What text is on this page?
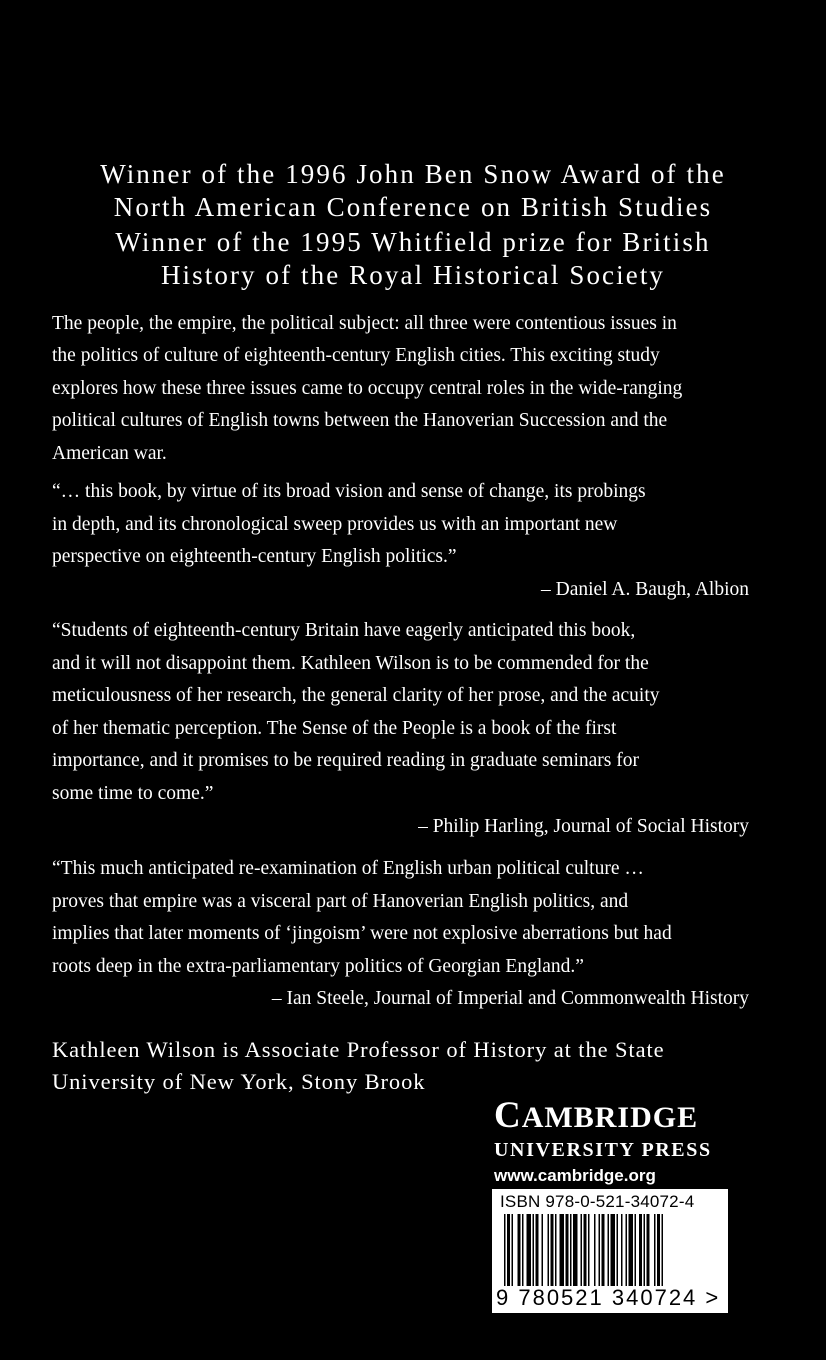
Winner of the 1996 John Ben Snow Award of the
North American Conference on British Studies
Winner of the 1995 Whitfield prize for British
History of the Royal Historical Society
The people, the empire, the political subject: all three were contentious issues in
the politics of culture of eighteenth-century English cities. This exciting study
explores how these three issues came to occupy central roles in the wide-ranging
political cultures of English towns between the Hanoverian Succession and the
American war.
“… this book, by virtue of its broad vision and sense of change, its probings
in depth, and its chronological sweep provides us with an important new
perspective on eighteenth-century English politics.”
– Daniel A. Baugh, Albion
“Students of eighteenth-century Britain have eagerly anticipated this book,
and it will not disappoint them. Kathleen Wilson is to be commended for the
meticulousness of her research, the general clarity of her prose, and the acuity
of her thematic perception. The Sense of the People is a book of the first
importance, and it promises to be required reading in graduate seminars for
some time to come.”
– Philip Harling, Journal of Social History
“This much anticipated re-examination of English urban political culture …
proves that empire was a visceral part of Hanoverian English politics, and
implies that later moments of ‘jingoism’ were not explosive aberrations but had
roots deep in the extra-parliamentary politics of Georgian England.”
– Ian Steele, Journal of Imperial and Commonwealth History
Kathleen Wilson is Associate Professor of History at the State
University of New York, Stony Brook
CAMBRIDGE
UNIVERSITY PRESS
www.cambridge.org
ISBN 978-0-521-34072-4
9 780521 340724 >
